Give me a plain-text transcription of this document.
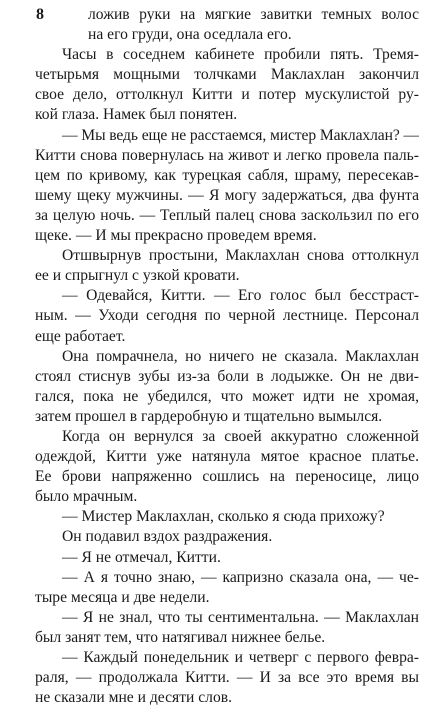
8	ложив руки на мягкие завитки темных волос
на его груди, она оседлала его.
Часы в соседнем кабинете пробили пять. Тремя-
четырьмя мощными толчками Маклахлан закончил
свое дело, оттолкнул Китти и потер мускулистой ру-
кой глаза. Намек был понятен.
— Мы ведь еще не расстаемся, мистер Маклахлан? —
Китти снова повернулась на живот и легко провела паль-
цем по кривому, как турецкая сабля, шраму, пересекав-
шему щеку мужчины. — Я могу задержаться, два фунта
за целую ночь. — Теплый палец снова заскользил по его
щеке. — И мы прекрасно проведем время.
Отшвырнув простыни, Маклахлан снова оттолкнул
ее и спрыгнул с узкой кровати.
— Одевайся, Китти. — Его голос был бесстраст-
ным. — Уходи сегодня по черной лестнице. Персонал
еще работает.
Она помрачнела, но ничего не сказала. Маклахлан
стоял стиснув зубы из-за боли в лодыжке. Он не дви-
гался, пока не убедился, что может идти не хромая,
затем прошел в гардеробную и тщательно вымылся.
Когда он вернулся за своей аккуратно сложенной
одеждой, Китти уже натянула мятое красное платье.
Ее брови напряженно сошлись на переносице, лицо
было мрачным.
— Мистер Маклахлан, сколько я сюда прихожу?
Он подавил вздох раздражения.
— Я не отмечал, Китти.
— А я точно знаю, — капризно сказала она, — че-
тыре месяца и две недели.
— Я не знал, что ты сентиментальна. — Маклахлан
был занят тем, что натягивал нижнее белье.
— Каждый понедельник и четверг с первого февра-
раля, — продолжала Китти. — И за все это время вы
не сказали мне и десяти слов.
